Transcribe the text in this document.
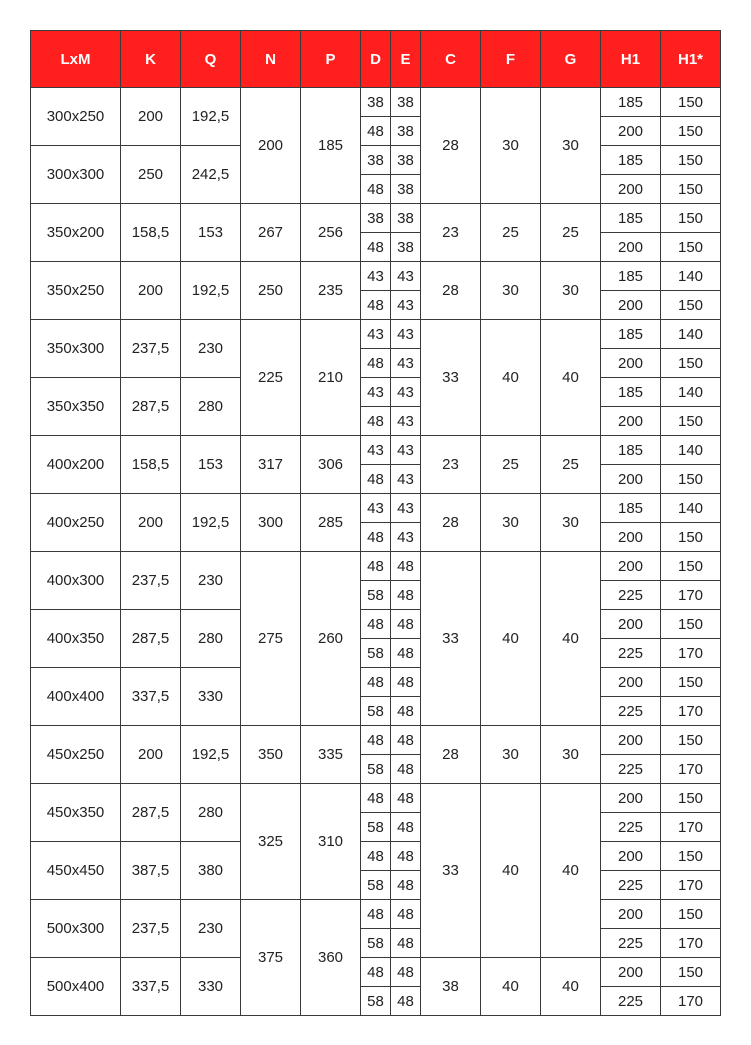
LxM	K	Q	N	P	D	E	C	F	G	H1	H1*
300x250	200	192,5	200	185	38	38	28	30	30	185	150
					48	38				200	150
300x300	250	242,5			38	38				185	150
					48	38				200	150
350x200	158,5	153	267	256	38	38	23	25	25	185	150
					48	38				200	150
350x250	200	192,5	250	235	43	43	28	30	30	185	140
					48	43				200	150
350x300	237,5	230	225	210	43	43	33	40	40	185	140
					48	43				200	150
350x350	287,5	280			43	43				185	140
					48	43				200	150
400x200	158,5	153	317	306	43	43	23	25	25	185	140
					48	43				200	150
400x250	200	192,5	300	285	43	43	28	30	30	185	140
					48	43				200	150
400x300	237,5	230	275	260	48	48	33	40	40	200	150
					58	48				225	170
400x350	287,5	280			48	48				200	150
					58	48				225	170
400x400	337,5	330			48	48				200	150
					58	48				225	170
450x250	200	192,5	350	335	48	48	28	30	30	200	150
					58	48				225	170
450x350	287,5	280	325	310	48	48	33	40	40	200	150
					58	48				225	170
450x450	387,5	380			48	48				200	150
					58	48				225	170
500x300	237,5	230	375	360	48	48				200	150
					58	48				225	170
500x400	337,5	330			48	48	38	40	40	200	150
					58	48				225	170
